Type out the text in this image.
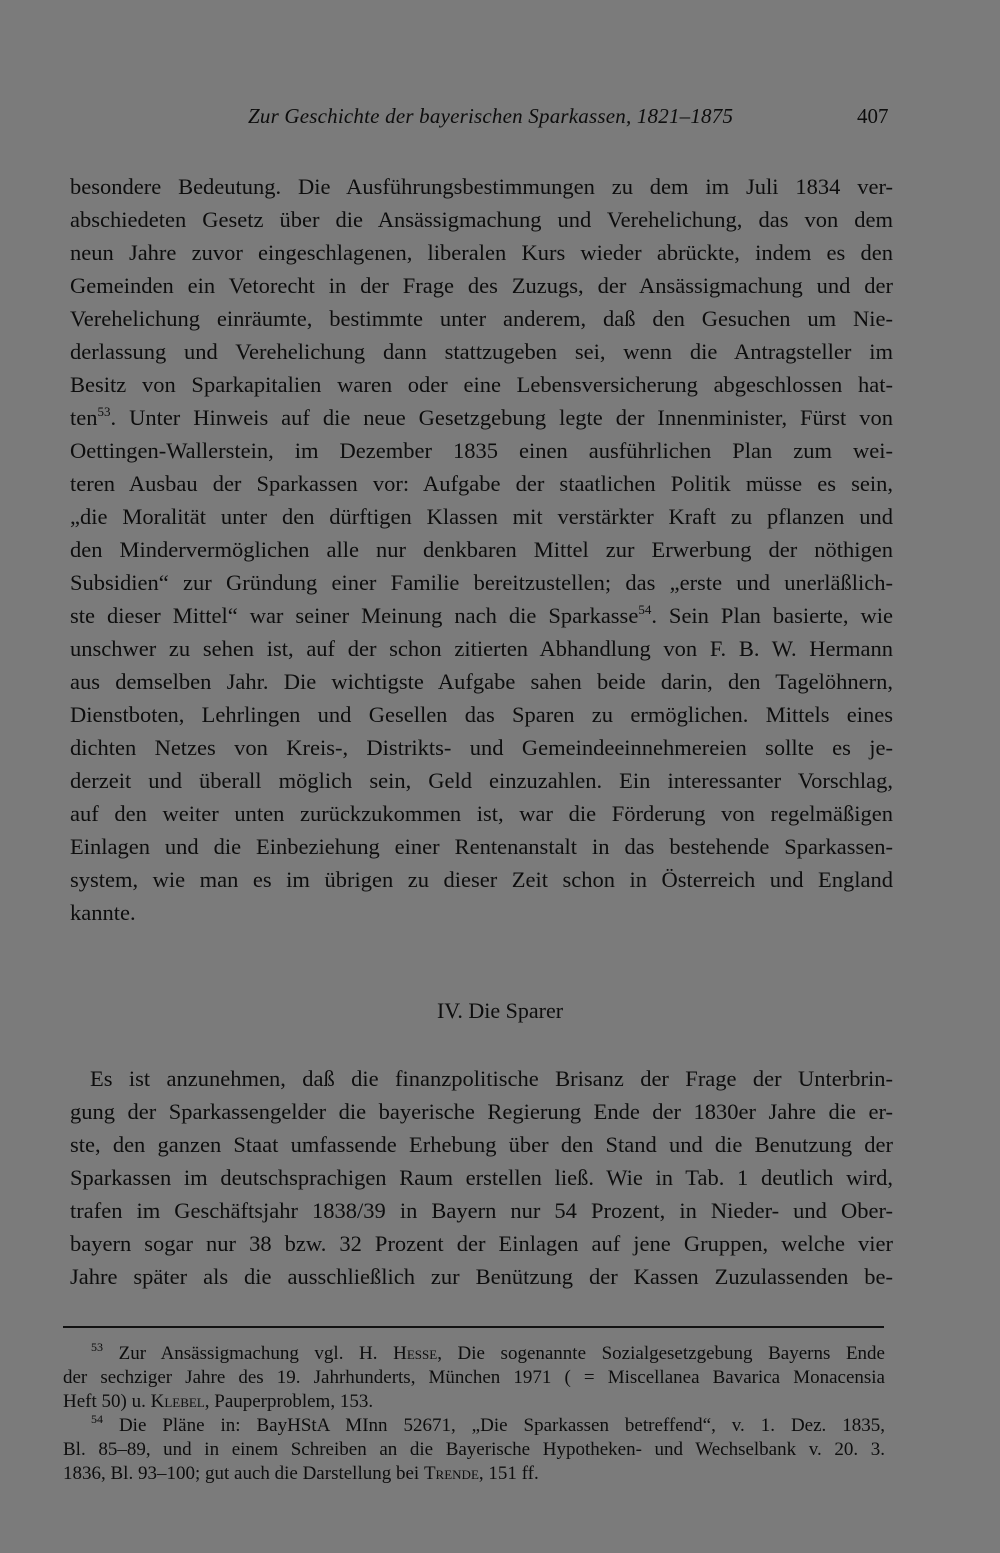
Zur Geschichte der bayerischen Sparkassen, 1821–1875	407
besondere Bedeutung. Die Ausführungsbestimmungen zu dem im Juli 1834 ver-
abschiedeten Gesetz über die Ansässigmachung und Verehelichung, das von dem
neun Jahre zuvor eingeschlagenen, liberalen Kurs wieder abrückte, indem es den
Gemeinden ein Vetorecht in der Frage des Zuzugs, der Ansässigmachung und der
Verehelichung einräumte, bestimmte unter anderem, daß den Gesuchen um Nie-
derlassung und Verehelichung dann stattzugeben sei, wenn die Antragsteller im
Besitz von Sparkapitalien waren oder eine Lebensversicherung abgeschlossen hat-
ten$^{53}$. Unter Hinweis auf die neue Gesetzgebung legte der Innenminister, Fürst von
Oettingen-Wallerstein, im Dezember 1835 einen ausführlichen Plan zum wei-
teren Ausbau der Sparkassen vor: Aufgabe der staatlichen Politik müsse es sein,
„die Moralität unter den dürftigen Klassen mit verstärkter Kraft zu pflanzen und
den Mindervermöglichen alle nur denkbaren Mittel zur Erwerbung der nöthigen
Subsidien“ zur Gründung einer Familie bereitzustellen; das „erste und unerläßlich-
ste dieser Mittel“ war seiner Meinung nach die Sparkasse$^{54}$. Sein Plan basierte, wie
unschwer zu sehen ist, auf der schon zitierten Abhandlung von F. B. W. Hermann
aus demselben Jahr. Die wichtigste Aufgabe sahen beide darin, den Tagelöhnern,
Dienstboten, Lehrlingen und Gesellen das Sparen zu ermöglichen. Mittels eines
dichten Netzes von Kreis-, Distrikts- und Gemeindeeinnehmereien sollte es je-
derzeit und überall möglich sein, Geld einzuzahlen. Ein interessanter Vorschlag,
auf den weiter unten zurückzukommen ist, war die Förderung von regelmäßigen
Einlagen und die Einbeziehung einer Rentenanstalt in das bestehende Sparkassen-
system, wie man es im übrigen zu dieser Zeit schon in Österreich und England
kannte.
IV. Die Sparer
Es ist anzunehmen, daß die finanzpolitische Brisanz der Frage der Unterbrin-
gung der Sparkassengelder die bayerische Regierung Ende der 1830er Jahre die er-
ste, den ganzen Staat umfassende Erhebung über den Stand und die Benutzung der
Sparkassen im deutschsprachigen Raum erstellen ließ. Wie in Tab. 1 deutlich wird,
trafen im Geschäftsjahr 1838/39 in Bayern nur 54 Prozent, in Nieder- und Ober-
bayern sogar nur 38 bzw. 32 Prozent der Einlagen auf jene Gruppen, welche vier
Jahre später als die ausschließlich zur Benützung der Kassen Zuzulassenden be-
$^{53}$ Zur Ansässigmachung vgl. H. Hesse, Die sogenannte Sozialgesetzgebung Bayerns Ende
der sechziger Jahre des 19. Jahrhunderts, München 1971 ( = Miscellanea Bavarica Monacensia
Heft 50) u. Klebel, Pauperproblem, 153.
$^{54}$ Die Pläne in: BayHStA MInn 52671, „Die Sparkassen betreffend“, v. 1. Dez. 1835,
Bl. 85–89, und in einem Schreiben an die Bayerische Hypotheken- und Wechselbank v. 20. 3.
1836, Bl. 93–100; gut auch die Darstellung bei Trende, 151 ff.
